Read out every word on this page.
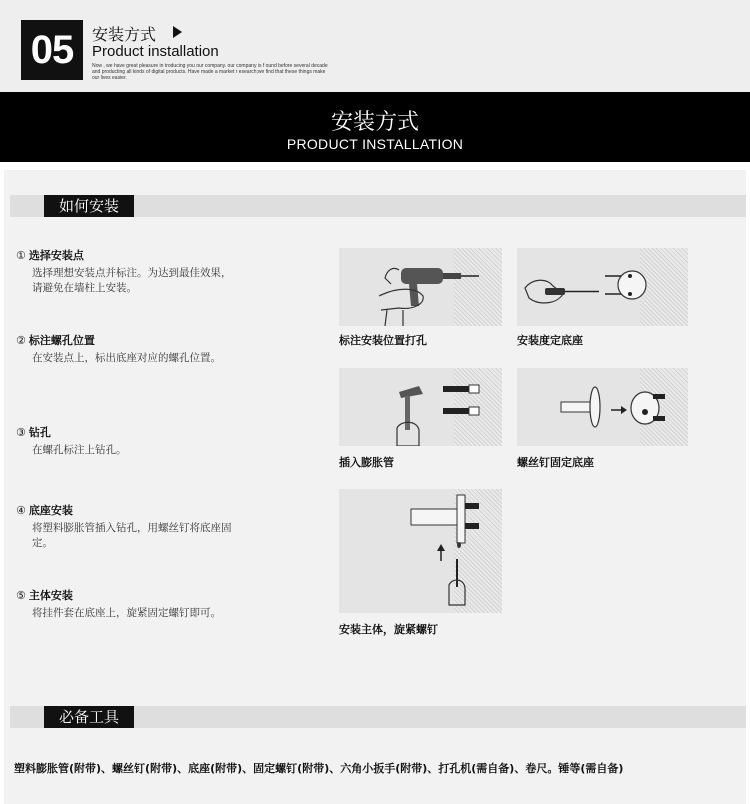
05	安装方式
Product installation
Now , we have great pleasure in troducing you our company. our company is f ound before several decade and producting all kinds of digital products. Have made a market r esearch;we find that these things make our lives easier.
安装方式
PRODUCT INSTALLATION
如何安装
① 选择安装点
选择理想安装点并标注。为达到最佳效果，请避免在墙柱上安装。
② 标注螺孔位置
在安装点上，标出底座对应的螺孔位置。
③ 钻孔
在螺孔标注上钻孔。
④ 底座安装
将塑料膨胀管插入钻孔，用螺丝钉将底座固定。
⑤ 主体安装
将挂件套在底座上，旋紧固定螺钉即可。
标注安装位置打孔	安装度定底座
插入膨胀管	螺丝钉固定底座
安装主体，旋紧螺钉
必备工具
塑料膨胀管(附带)、螺丝钉(附带)、底座(附带)、固定螺钉(附带)、六角小扳手(附带)、打孔机(需自备)、卷尺。锤等(需自备)
